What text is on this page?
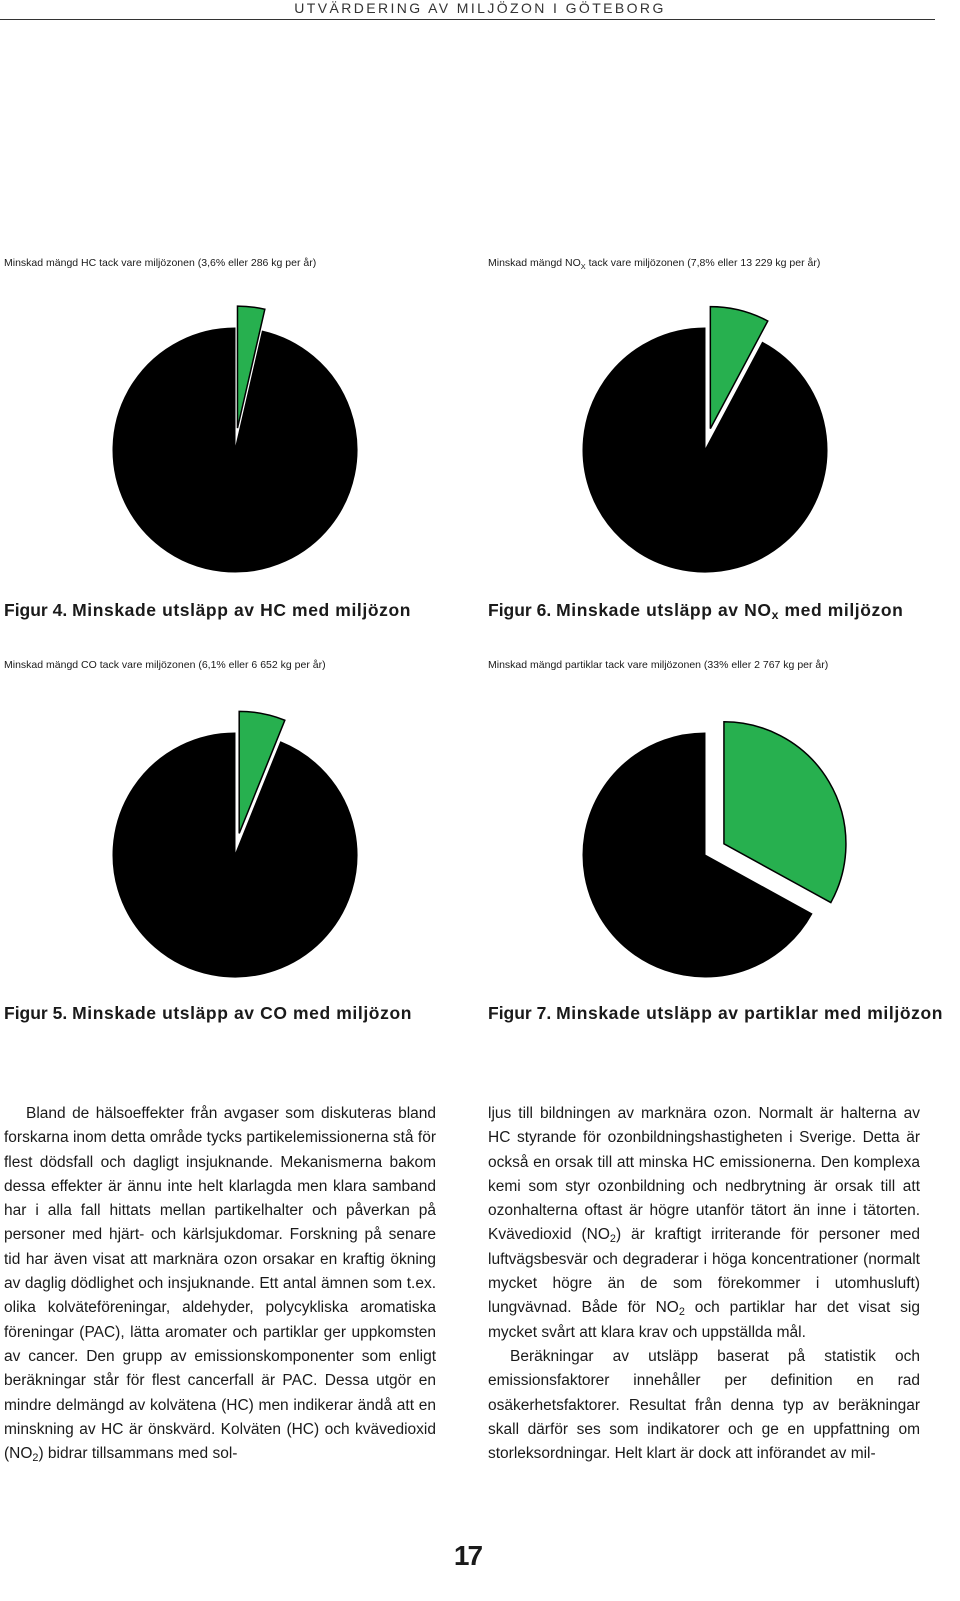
UTVÄRDERING AV MILJÖZON I GÖTEBORG
Minskad mängd HC tack vare miljözonen (3,6% eller 286 kg per år)
Figur 4. Minskade utsläpp av HC med miljözon
Minskad mängd $NO_X$ tack vare miljözonen (7,8% eller 13 229 kg per år)
Figur 6. Minskade utsläpp av $NO_x$ med miljözon
Minskad mängd CO tack vare miljözonen (6,1% eller 6 652 kg per år)
Figur 5. Minskade utsläpp av CO med miljözon
Minskad mängd partiklar tack vare miljözonen (33% eller 2 767 kg per år)
Figur 7. Minskade utsläpp av partiklar med miljözon

Bland de hälsoeffekter från avgaser som diskuteras bland forskarna inom detta område tycks partikelemissionerna stå för flest dödsfall och dagligt insjuknande. Mekanismerna bakom dessa effekter är ännu inte helt klarlagda men klara samband har i alla fall hittats mellan partikelhalter och påverkan på personer med hjärt- och kärlsjukdomar. Forskning på senare tid har även visat att marknära ozon orsakar en kraftig ökning av daglig dödlighet och insjuknande. Ett antal ämnen som t.ex. olika kolväteföreningar, aldehyder, polycykliska aromatiska föreningar (PAC), lätta aromater och partiklar ger uppkomsten av cancer. Den grupp av emissionskomponenter som enligt beräkningar står för flest cancerfall är PAC. Dessa utgör en mindre delmängd av kolvätena (HC) men indikerar ändå att en minskning av HC är önskvärd. Kolväten (HC) och kvävedioxid $(NO_2)$ bidrar tillsammans med sol-

ljus till bildningen av marknära ozon. Normalt är halterna av HC styrande för ozonbildningshastigheten i Sverige. Detta är också en orsak till att minska HC emissionerna. Den komplexa kemi som styr ozonbildning och nedbrytning är orsak till att ozonhalterna oftast är högre utanför tätort än inne i tätorten. Kvävedioxid $(NO_2)$ är kraftigt irriterande för personer med luftvägsbesvär och degraderar i höga koncentrationer (normalt mycket högre än de som förekommer i utomhusluft) lungvävnad. Både för $NO_2$ och partiklar har det visat sig mycket svårt att klara krav och uppställda mål.

Beräkningar av utsläpp baserat på statistik och emissionsfaktorer innehåller per definition en rad osäkerhetsfaktorer. Resultat från denna typ av beräkningar skall därför ses som indikatorer och ge en uppfattning om storleksordningar. Helt klart är dock att införandet av mil-

17
